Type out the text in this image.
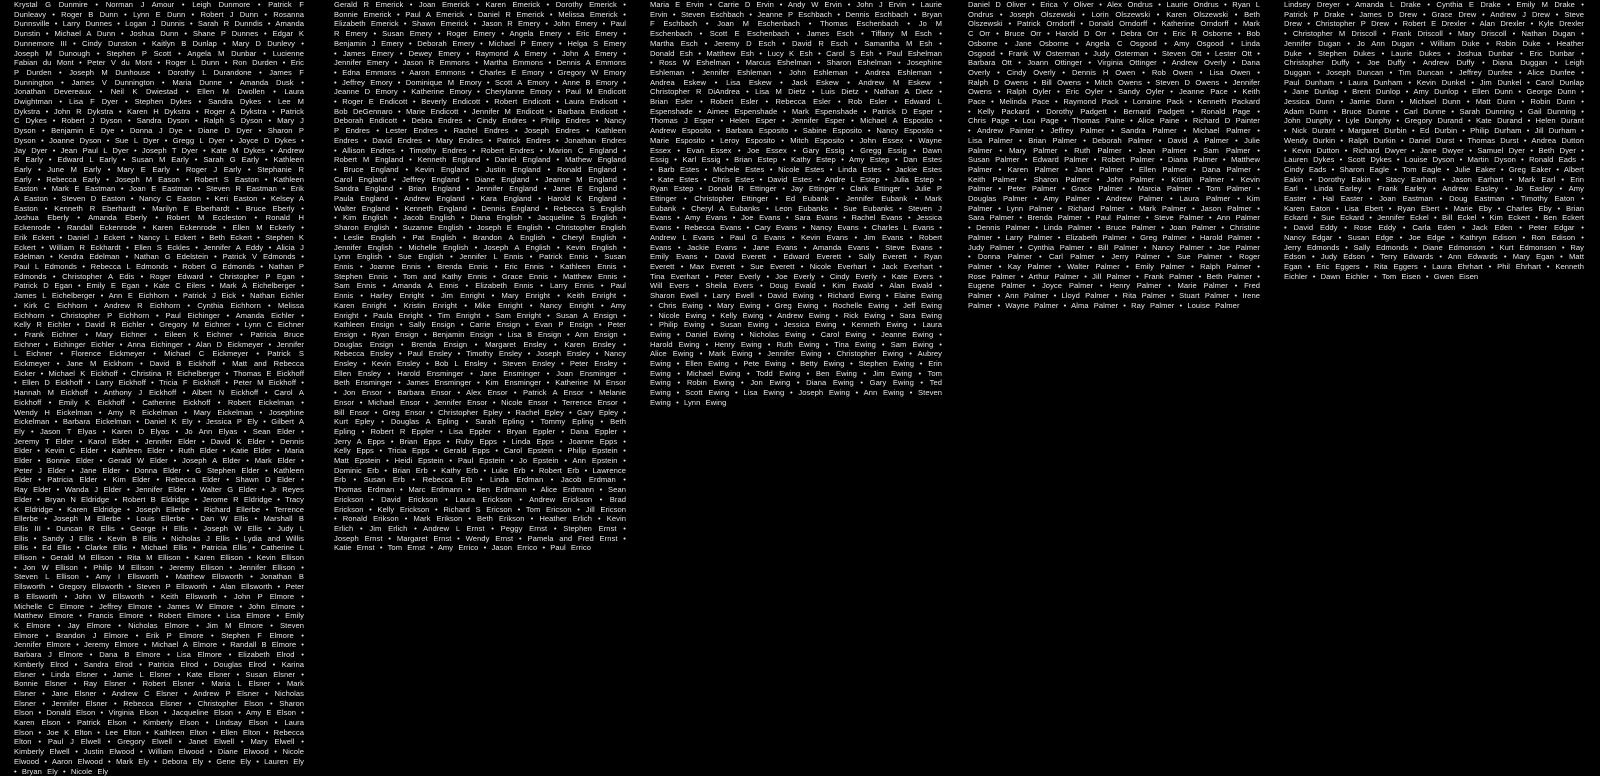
Krystal G Dunmire • Norman J Amour • Leigh Dunmore • Patrick F Dunleavy • Roger B Dunn • Lynn E Dunn • Robert J Dunn • Rosanna Dunnsville • Larry Dunnes • Logan J Dunnis • Sarah R Dunndis • Amanda Dunstin • Michael A Dunn • Joshua Dunn • Shane P Dunnes • Edgar K Dunnemore III • Cindy Dunston • Kaitlyn B Dunlap • Mary D Dunlevy • Joseph M Dunough • Stephen P Scott • Angela M Dunbar • Lucienne Fabian du Mont • Peter V du Mont • Roger L Dunn • Ron Durden • Eric P Durden • Joseph M Dunhouse • Dorothy L Durandone • James F Dunnington • James V Dunnington • Maria Dunne • Amanda Dusk • Jonathan Devereaux • Neil K Dwiestad • Ellen M Dwollen • Laura Dwightman • Lisa F Dyer • Stephen Dykes • Sandra Dykes • Lee M Dykstra • John R Dykstra • Karen H Dykstra • Roger A Dykstra • Patrick C Dykes • Robert J Dyson • Sandra Dyson • Ralph S Dyson • Mary J Dyson • Benjamin E Dye • Donna J Dye • Diane D Dyer • Sharon P Dyson • Joanne Dyson • Sue L Dyer • Gregg L Dyer • Joyce D Dykes • Jay Dyer • Jean Paul L Dyer • Joseph T Dyer • Kate M Dykes • Andrew R Early • Edward L Early • Susan M Early • Sarah G Early • Kathleen Early • June M Early • Mary E Early • Roger J Early • Stephanie R Early • Rebecca Early • Joseph M Eason • Robert S Easton • Kathleen Easton • Mark E Eastman • Joan E Eastman • Steven R Eastman • Erik A Easton • Steven D Easton • Nancy C Easton • Keri Easton • Kelsey A Easton • Kenneth R Eberhardt • Marilyn E Eberhardt • Bruce Eberly • Joshua Eberly • Amanda Eberly • Robert M Eccleston • Ronald H Eckenrode • Randall Eckenrode • Karen Eckenrode • Ellen M Eckerly • Erik Eckert • Daniel J Eckert • Nancy L Eckert • Beth Eckert • Stephen K Eckert • William R Eckhardt • Ellen S Eckles • Jennifer A Eddy • Alicia J Edelman • Kendra Edelman • Nathan G Edelstein • Patrick V Edmonds • Paul L Edmonds • Rebecca L Edmonds • Robert G Edmonds • Nathan P Edmonds • Christopher A Edis • Roger Edward • Christopher P Egan • Patrick D Egan • Emily E Egan • Kate C Eilers • Mark A Eichelberger • James L Eichelberger • Ann E Eichhorn • Patrick J Eick • Nathan Eichler • Kirk C Eichhorn • Andrew R Eichhorn • Cynthia Eichhorn • Melissa Eichhorn • Christopher P Eichhorn • Paul Eichinger • Amanda Eichler • Kelly R Eichler • David R Eichler • Gregory M Eichner • Lynn C Eichner • Frank Eichner • Mary Eichner • Eileen K Eichner • Patricia Bruce Eichner • Eichinger Eichler • Anna Eichinger • Alan D Eickmeyer • Jennifer L Eichner • Florence Eickmeyer • Michael C Eickmeyer • Patrick S Eickmeyer • Jane M Eickhorn • David B Eickhoff • Matt and Rebecca Eicker • Michael K Eickhoff • Christina R Eichelberger • Thomas E Eickhoff • Ellen D Eickhoff • Larry Eickhoff • Tricia F Eickhoff • Peter M Eickhoff • Hannah M Eickhoff • Anthony J Eickhoff • Albert N Eickhoff • Carol A Eickhoff • Emily K Eickhoff • Catherine Eickhoff • Robert Eickelman • Wendy H Eickelman • Amy R Eickelman • Mary Eickelman • Josephine Eickelman • Barbara Eickelman • Daniel K Ely • Jessica P Ely • Gilbert A Ely • Jason T Elyas • Karen D Elyas • Jo Ann Elyas • Sean Elder • Jeremy T Elder • Karol Elder • Jennifer Elder • David K Elder • Dennis Elder • Kevin C Elder • Kathleen Elder • Ruth Elder • Katie Elder • Maria Elder • Bonnie Elder • Gerald W Elder • Joseph A Elder • Mark Elder • Peter J Elder • Jane Elder • Donna Elder • G Stephen Elder • Kathleen Elder • Patricia Elder • Kim Elder • Rebecca Elder • Shawn D Elder • Ray Elder • Wanda J Elder • Jennifer Elder • Walter G Elder • Jr Reyes Elder • Bryan N Eldridge • Robert B Eldridge • Jerome R Eldridge • Tracy K Eldridge • Karen Eldridge • Joseph Ellerbe • Richard Ellerbe • Terrence Ellerbe • Joseph M Ellerbe • Louis Ellerbe • Dan W Ellis • Marshall B Ellis III • Duncan R Ellis • George H Ellis • Joseph W Ellis • Judy L Ellis • Sandy J Ellis • Kevin B Ellis • Nicholas J Ellis • Lydia and Willis Ellis • Ed Ellis • Clarke Ellis • Michael Ellis • Patricia Ellis • Catherine L Ellison • Gerald M Ellison • Rita M Ellison • Karen Ellison • Kevin Ellison • Jon W Ellison • Philip M Ellison • Jeremy Ellison • Jennifer Ellison • Steven L Ellison • Amy I Ellsworth • Matthew Ellsworth • Jonathan B Ellsworth • Gregory Ellsworth • Steven P Ellsworth • Alan Ellsworth • Peter B Ellsworth • John W Ellsworth • Keith Ellsworth • John P Elmore • Michelle C Elmore • Jeffrey Elmore • James W Elmore • John Elmore • Matthew Elmore • Francis Elmore • Robert Elmore • Lisa Elmore • Emily K Elmore • Jay Elmore • Nicholas Elmore • Jim M Elmore • Steven Elmore • Brandon J Elmore • Erik P Elmore • Stephen F Elmore • Jennifer Elmore • Jeremy Elmore • Michael A Elmore • Randall B Elmore • Barbara J Elmore • Dana B Elmore • Lisa Elmore • Elizabeth Elrod • Kimberly Elrod • Sandra Elrod • Patricia Elrod • Douglas Elrod • Karina Elsner • Linda Elsner • Jamie L Elsner • Kate Elsner • Susan Elsner • Bonnie Elsner • Ray Elsner • Robert Elsner • Maria L Elsner • Mark Elsner • Jane Elsner • Andrew C Elsner • Andrew P Elsner • Nicholas Elsner • Jennifer Elsner • Rebecca Elsner • Christopher Elson • Sharon Elson • Donald Elson • Virginia Elson • Jacqueline Elson • Amy E Elson • Karen Elson • Patrick Elson • Kimberly Elson • Lindsay Elson • Laura Elson • Joe K Elton • Lee Elton • Kathleen Elton • Ellen Elton • Rebecca Elton • Paul J Elwell • Gregory Elwell • Janet Elwell • Mary Elwell • Kimberly Elwell • Justin Elwood • William Elwood • Diane Elwood • Nicole Elwood • Aaron Elwood • Mark Ely • Debora Ely • Gene Ely • Lauren Ely • Bryan Ely • Nicole Ely
Gerald R Emerick • Joan Emerick • Karen Emerick • Dorothy Emerick • Bonnie Emerick • Paul A Emerick • Daniel R Emerick • Melissa Emerick • Elizabeth Emerick • Shawn Emerick • Jason R Emery • John Emery • Paul R Emery • Susan Emery • Roger Emery • Angela Emery • Eric Emery • Benjamin J Emery • Deborah Emery • Michael P Emery • Helga S Emery • James Emery • Dewey Emery • Raymond A Emery • John A Emery • Jennifer Emery • Jason R Emmons • Martha Emmons • Dennis A Emmons • Edna Emmons • Aaron Emmons • Charles E Emory • Gregory W Emory • Jeffrey Emory • Dominique M Emory • Scott A Emory • Anne B Emory • Jeanne D Emory • Katherine Emory • Cherylanne Emory • Paul M Endicott • Roger E Endicott • Beverly Endicott • Robert Endicott • Laura Endicott • Bob DeGennaro • Marie Endicott • Jennifer M Endicott • Barbara Endicott • Deborah Endicott • Debra Endres • Cindy Endres • Philip Endres • Nancy P Endres • Lester Endres • Rachel Endres • Joseph Endres • Kathleen Endres • David Endres • Mary Endres • Patrick Endres • Jonathan Endres • Allison Endres • Timothy Endres • Robert Endres • Marion C England • Robert M England • Kenneth England • Daniel England • Mathew England • Bruce England • Kevin England • Justin England • Ronald England • Carol England • Jeffrey England • Diane England • Jeanne M England • Sandra England • Brian England • Jennifer England • Janet E England • Paula England • Andrew England • Kara England • Harold K England • Walter England • Kenneth England • Dennis England • Rebecca S English • Kim English • Jacob English • Diana English • Jacqueline S English • Sharon English • Suzanne English • Joseph E English • Christopher English • Leslie English • Pat English • Brandon A English • Cheryl English • Jennifer English • Michelle English • Joseph A English • Kevin English • Lynn English • Sue English • Jennifer L Ennis • Patrick Ennis • Susan Ennis • Joanne Ennis • Brenda Ennis • Eric Ennis • Kathleen Ennis • Stephen Ennis • Tom and Kathy Ennis • Grace Ennis • Matthew Ennis • Sam Ennis • Amanda A Ennis • Elizabeth Ennis • Larry Ennis • Paul Ennis • Harley Enright • Jim Enright • Mary Enright • Keith Enright • Karen Enright • Kristin Enright • Mike Enright • Nancy Enright • Amy Enright • Paula Enright • Tim Enright • Sam Enright • Susan A Ensign • Kathleen Ensign • Sally Ensign • Carrie Ensign • Evan P Ensign • Peter Ensign • Ryan Ensign • Benjamin Ensign • Lisa B Ensign • Ann Ensign • Douglas Ensign • Brenda Ensign • Margaret Ensley • Karen Ensley • Rebecca Ensley • Paul Ensley • Timothy Ensley • Joseph Ensley • Nancy Ensley • Kevin Ensley • Bob L Ensley • Steven Ensley • Peter Ensley • Ellen Ensley • Harold Ensminger • Jane Ensminger • Joan Ensminger • Beth Ensminger • James Ensminger • Kim Ensminger • Katherine M Ensor • Jon Ensor • Barbara Ensor • Alex Ensor • Patrick A Ensor • Melanie Ensor • Michael Ensor • Jennifer Ensor • Nicole Ensor • Terrence Ensor • Bill Ensor • Greg Ensor • Christopher Epley • Rachel Epley • Gary Epley • Kurt Epley • Douglas A Epling • Sarah Epling • Tommy Epling • Beth Epling • Robert R Eppler • Lisa Eppler • Bryan Eppler • Dana Eppler • Jerry A Epps • Brian Epps • Ruby Epps • Linda Epps • Joanne Epps • Kelly Epps • Tricia Epps • Gerald Epps • Carol Epstein • Philip Epstein • Matt Epstein • Heidi Epstein • Paul Epstein • Jo Epstein • Ann Epstein • Dominic Erb • Brian Erb • Kathy Erb • Luke Erb • Robert Erb • Lawrence Erb • Susan Erb • Rebecca Erb • Linda Erdman • Jacob Erdman • Thomas Erdman • Marc Erdmann • Ben Erdmann • Alice Erdmann • Sean Erickson • David Erickson • Laura Erickson • Andrew Erickson • Brad Erickson • Kelly Erickson • Richard S Ericson • Tom Ericson • Jill Ericson • Ronald Erikson • Mark Erikson • Beth Erikson • Heather Erlich • Kevin Erlich • Jim Erlich • Andrew L Ernst • Peggy Ernst • Stephen Ernst • Joseph Ernst • Margaret Ernst • Wendy Ernst • Pamela and Fred Ernst • Katie Ernst • Tom Ernst • Amy Errico • Jason Errico • Paul Errico
Maria E Ervin • Carrie D Ervin • Andy W Ervin • John J Ervin • Laurie Ervin • Steven Eschbach • Jeanne P Eschbach • Dennis Eschbach • Bryan F Eschbach • Joan M Eschenbach • Thomas Eschenbach • Jo M Eschenbach • Scott E Eschenbach • James Esch • Tiffany M Esch • Martha Esch • Jeremy D Esch • David R Esch • Samantha M Esh • Donald Esh • Matthew Esh • Lucy K Esh • Carol S Esh • Paul Eshelman • Ross W Eshelman • Marcus Eshelman • Sharon Eshelman • Josephine Eshleman • Jennifer Eshleman • John Eshleman • Andrea Eshleman • Andrea Eskew • Lisa Eskew • Jack Eskew • Andrew M Eskew • Christopher R DiAndrea • Lisa M Dietz • Luis Dietz • Nathan A Dietz • Brian Esler • Robert Esler • Rebecca Esler • Rob Esler • Edward L Espenshade • Aimee Espenshade • Mark Espenshade • Patrick D Esper • Thomas J Esper • Helen Esper • Jennifer Esper • Michael A Esposito • Andrew Esposito • Barbara Esposito • Sabine Esposito • Nancy Esposito • Marie Esposito • Leroy Esposito • Mitch Esposito • John Essex • Wayne Essex • Evan Essex • Joe Essex • Gary Essig • Gregg Essig • Dawn Essig • Karl Essig • Brian Estep • Kathy Estep • Amy Estep • Dan Estes • Barb Estes • Michele Estes • Nicole Estes • Linda Estes • Jackie Estes • Kate Estes • Chris Estes • David Estes • Andre L Estep • Julia Estep • Ryan Estep • Donald R Ettinger • Jay Ettinger • Clark Ettinger • Julie P Ettinger • Christopher Ettinger • Ed Eubank • Jennifer Eubank • Mark Eubank • Cheryl A Eubanks • Leon Eubanks • Sue Eubanks • Steven J Evans • Amy Evans • Joe Evans • Sara Evans • Rachel Evans • Jessica Evans • Rebecca Evans • Cary Evans • Nancy Evans • Charles L Evans • Andrew L Evans • Paul G Evans • Kevin Evans • Jim Evans • Robert Evans • Jackie Evans • Jane Evans • Amanda Evans • Steve Evans • Emily Evans • David Everett • Edward Everett • Sally Everett • Ryan Everett • Max Everett • Sue Everett • Nicole Everhart • Jack Everhart • Tina Everhart • Peter Everly • Joe Everly • Cindy Everly • Kate Evers • Will Evers • Sheila Evers • Doug Ewald • Kim Ewald • Alan Ewald • Sharon Ewell • Larry Ewell • David Ewing • Richard Ewing • Elaine Ewing • Chris Ewing • Mary Ewing • Greg Ewing • Rochelle Ewing • Jeff Ewing • Nicole Ewing • Kelly Ewing • Andrew Ewing • Rick Ewing • Sara Ewing • Philip Ewing • Susan Ewing • Jessica Ewing • Kenneth Ewing • Laura Ewing • Daniel Ewing • Nicholas Ewing • Carol Ewing • Jeanne Ewing • Harold Ewing • Henry Ewing • Ruth Ewing • Tina Ewing • Sam Ewing • Alice Ewing • Mark Ewing • Jennifer Ewing • Christopher Ewing • Aubrey Ewing • Ellen Ewing • Pete Ewing • Betty Ewing • Stephen Ewing • Erin Ewing • Michael Ewing • Todd Ewing • Ben Ewing • Jim Ewing • Tom Ewing • Robin Ewing • Jon Ewing • Diana Ewing • Gary Ewing • Ted Ewing • Scott Ewing • Lisa Ewing • Joseph Ewing • Ann Ewing • Steven Ewing • Lynn Ewing
Daniel D Oliver • Erica Y Oliver • Alex Ondrus • Laurie Ondrus • Ryan L Ondrus • Joseph Olszewski • Lorin Olszewski • Karen Olszewski • Beth Olszewski • Patrick Orndorff • Donald Orndorff • Katherine Orndorff • Mark C Orr • Bruce Orr • Harold D Orr • Debra Orr • Eric R Osborne • Bob Osborne • Jane Osborne • Angela C Osgood • Amy Osgood • Linda Osgood • Frank W Osterman • Judy Osterman • Steven Ott • Lester Ott • Barbara Ott • Joann Ottinger • Virginia Ottinger • Andrew Overly • Dana Overly • Cindy Overly • Dennis H Owen • Rob Owen • Lisa Owen • Ralph D Owens • Bill Owens • Mitch Owens • Steven D Owens • Jennifer Owens • Ralph Oyler • Eric Oyler • Sandy Oyler • Jeanne Pace • Keith Pace • Melinda Pace • Raymond Pack • Lorraine Pack • Kenneth Packard • Kelly Packard • Dorothy Padgett • Bernard Padgett • Ronald Page • Chris Page • Lou Page • Thomas Paine • Alice Paine • Richard D Painter • Andrew Painter • Jeffrey Palmer • Sandra Palmer • Michael Palmer • Lisa Palmer • Brian Palmer • Deborah Palmer • David A Palmer • Julie Palmer • Mary Palmer • Ruth Palmer • Jean Palmer • Sam Palmer • Susan Palmer • Edward Palmer • Robert Palmer • Diana Palmer • Matthew Palmer • Karen Palmer • Janet Palmer • Ellen Palmer • Dana Palmer • Keith Palmer • Sharon Palmer • John Palmer • Kristin Palmer • Kevin Palmer • Peter Palmer • Grace Palmer • Marcia Palmer • Tom Palmer • Douglas Palmer • Amy Palmer • Andrew Palmer • Laura Palmer • Kim Palmer • Lynn Palmer • Richard Palmer • Mark Palmer • Jason Palmer • Sara Palmer • Brenda Palmer • Paul Palmer • Steve Palmer • Ann Palmer • Dennis Palmer • Linda Palmer • Bruce Palmer • Joan Palmer • Christine Palmer • Larry Palmer • Elizabeth Palmer • Greg Palmer • Harold Palmer • Judy Palmer • Cynthia Palmer • Bill Palmer • Nancy Palmer • Joe Palmer • Donna Palmer • Carl Palmer • Jerry Palmer • Sue Palmer • Roger Palmer • Kay Palmer • Walter Palmer • Emily Palmer • Ralph Palmer • Rose Palmer • Arthur Palmer • Jill Palmer • Frank Palmer • Beth Palmer • Eugene Palmer • Joyce Palmer • Henry Palmer • Marie Palmer • Fred Palmer • Ann Palmer • Lloyd Palmer • Rita Palmer • Stuart Palmer • Irene Palmer • Wayne Palmer • Alma Palmer • Ray Palmer • Louise Palmer
Lindsey Dreyer • Amanda L Drake • Cynthia E Drake • Emily M Drake • Patrick P Drake • James D Drew • Grace Drew • Andrew J Drew • Steve Drew • Christopher P Drew • Robert E Drexler • Alan Drexler • Kyle Drexler • Christopher M Driscoll • Frank Driscoll • Mary Driscoll • Nathan Dugan • Jennifer Dugan • Jo Ann Dugan • William Duke • Robin Duke • Heather Duke • Stephen Dukes • Laurie Dukes • Joshua Dunbar • Eric Dunbar • Christopher Duffy • Joe Duffy • Andrew Duffy • Diana Duggan • Leigh Duggan • Joseph Duncan • Tim Duncan • Jeffrey Dunfee • Alice Dunfee • Paul Dunham • Laura Dunham • Kevin Dunkel • Jim Dunkel • Carol Dunlap • Jane Dunlap • Brent Dunlop • Amy Dunlop • Ellen Dunn • George Dunn • Jessica Dunn • Jamie Dunn • Michael Dunn • Matt Dunn • Robin Dunn • Adam Dunn • Bruce Dunne • Carl Dunne • Sarah Dunning • Gail Dunning • John Dunphy • Lyle Dunphy • Gregory Durand • Kate Durand • Helen Durant • Nick Durant • Margaret Durbin • Ed Durbin • Philip Durham • Jill Durham • Wendy Durkin • Ralph Durkin • Daniel Durst • Thomas Durst • Andrea Dutton • Kevin Dutton • Richard Dwyer • Jane Dwyer • Samuel Dyer • Beth Dyer • Lauren Dykes • Scott Dykes • Louise Dyson • Martin Dyson • Ronald Eads • Cindy Eads • Sharon Eagle • Tom Eagle • Julie Eaker • Greg Eaker • Albert Eakin • Dorothy Eakin • Stacy Earhart • Jason Earhart • Mark Earl • Erin Earl • Linda Earley • Frank Earley • Andrew Easley • Jo Easley • Amy Easter • Hal Easter • Joan Eastman • Doug Eastman • Timothy Eaton • Karen Eaton • Lisa Ebert • Ryan Ebert • Marie Eby • Charles Eby • Brian Eckard • Sue Eckard • Jennifer Eckel • Bill Eckel • Kim Eckert • Ben Eckert • David Eddy • Rose Eddy • Carla Eden • Jack Eden • Peter Edgar • Nancy Edgar • Susan Edge • Joe Edge • Kathryn Edison • Ron Edison • Jerry Edmonds • Sally Edmonds • Diane Edmonson • Kurt Edmonson • Ray Edson • Judy Edson • Terry Edwards • Ann Edwards • Mary Egan • Matt Egan • Eric Eggers • Rita Eggers • Laura Ehrhart • Phil Ehrhart • Kenneth Eichler • Dawn Eichler • Tom Eisen • Gwen Eisen
